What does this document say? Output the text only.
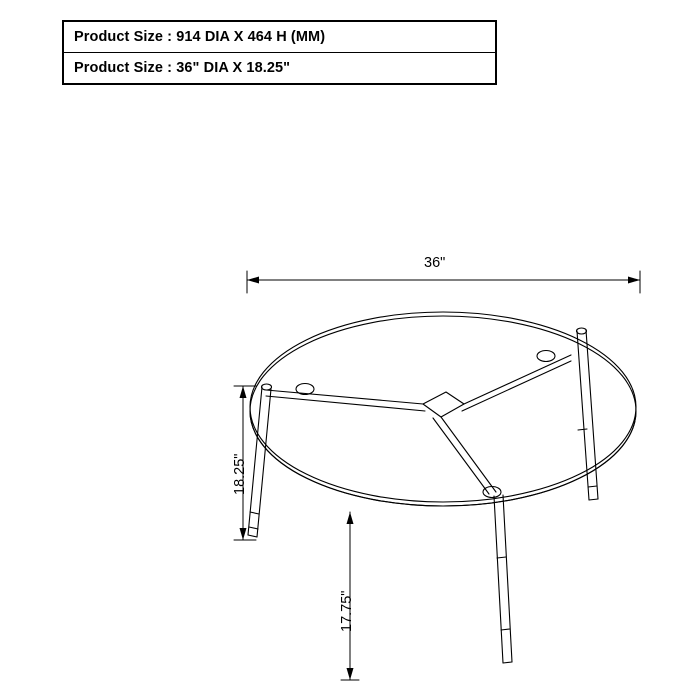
Product Size : 914 DIA X 464 H (MM)
Product Size : 36" DIA X 18.25"
36"
18.25"
17.75"
